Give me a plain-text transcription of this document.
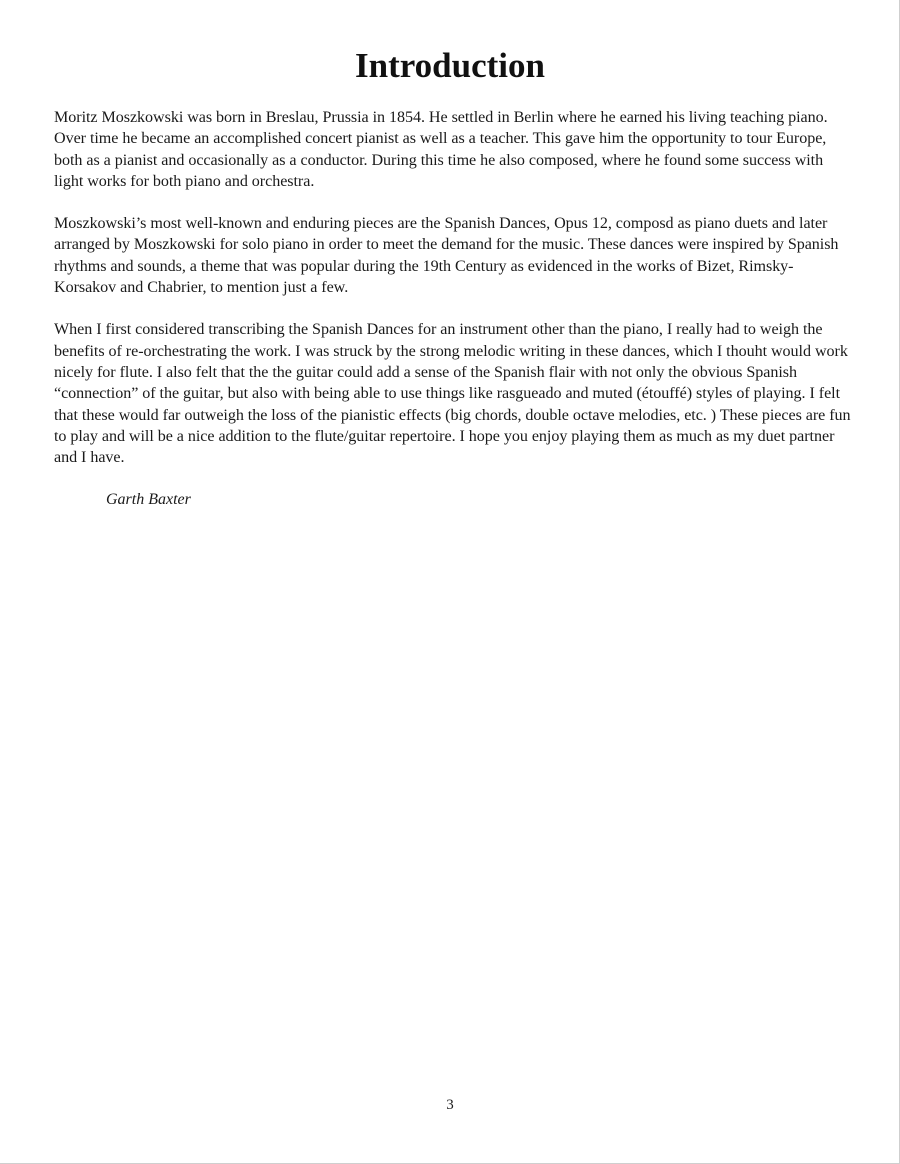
Introduction

Moritz Moszkowski was born in Breslau, Prussia in 1854. He settled in Berlin where he earned his living teaching piano. Over time he became an accomplished concert pianist as well as a teacher. This gave him the opportunity to tour Europe, both as a pianist and occasionally as a conductor. During this time he also composed, where he found some success with light works for both piano and orchestra.

Moszkowski’s most well-known and enduring pieces are the Spanish Dances, Opus 12, composd as piano duets and later arranged by Moszkowski for solo piano in order to meet the demand for the music. These dances were inspired by Spanish rhythms and sounds, a theme that was popular during the 19th Century as evidenced in the works of Bizet, Rimsky-Korsakov and Chabrier, to mention just a few.

When I first considered transcribing the Spanish Dances for an instrument other than the piano, I really had to weigh the benefits of re-orchestrating the work. I was struck by the strong melodic writing in these dances, which I thouht would work nicely for flute. I also felt that the the guitar could add a sense of the Spanish flair with not only the obvious Spanish “connection” of the guitar, but also with being able to use things like rasgueado and muted (étouffé) styles of playing. I felt that these would far outweigh the loss of the pianistic effects (big chords, double octave melodies, etc. ) These pieces are fun to play and will be a nice addition to the flute/guitar repertoire. I hope you enjoy playing them as much as my duet partner and I have.

Garth Baxter

3
